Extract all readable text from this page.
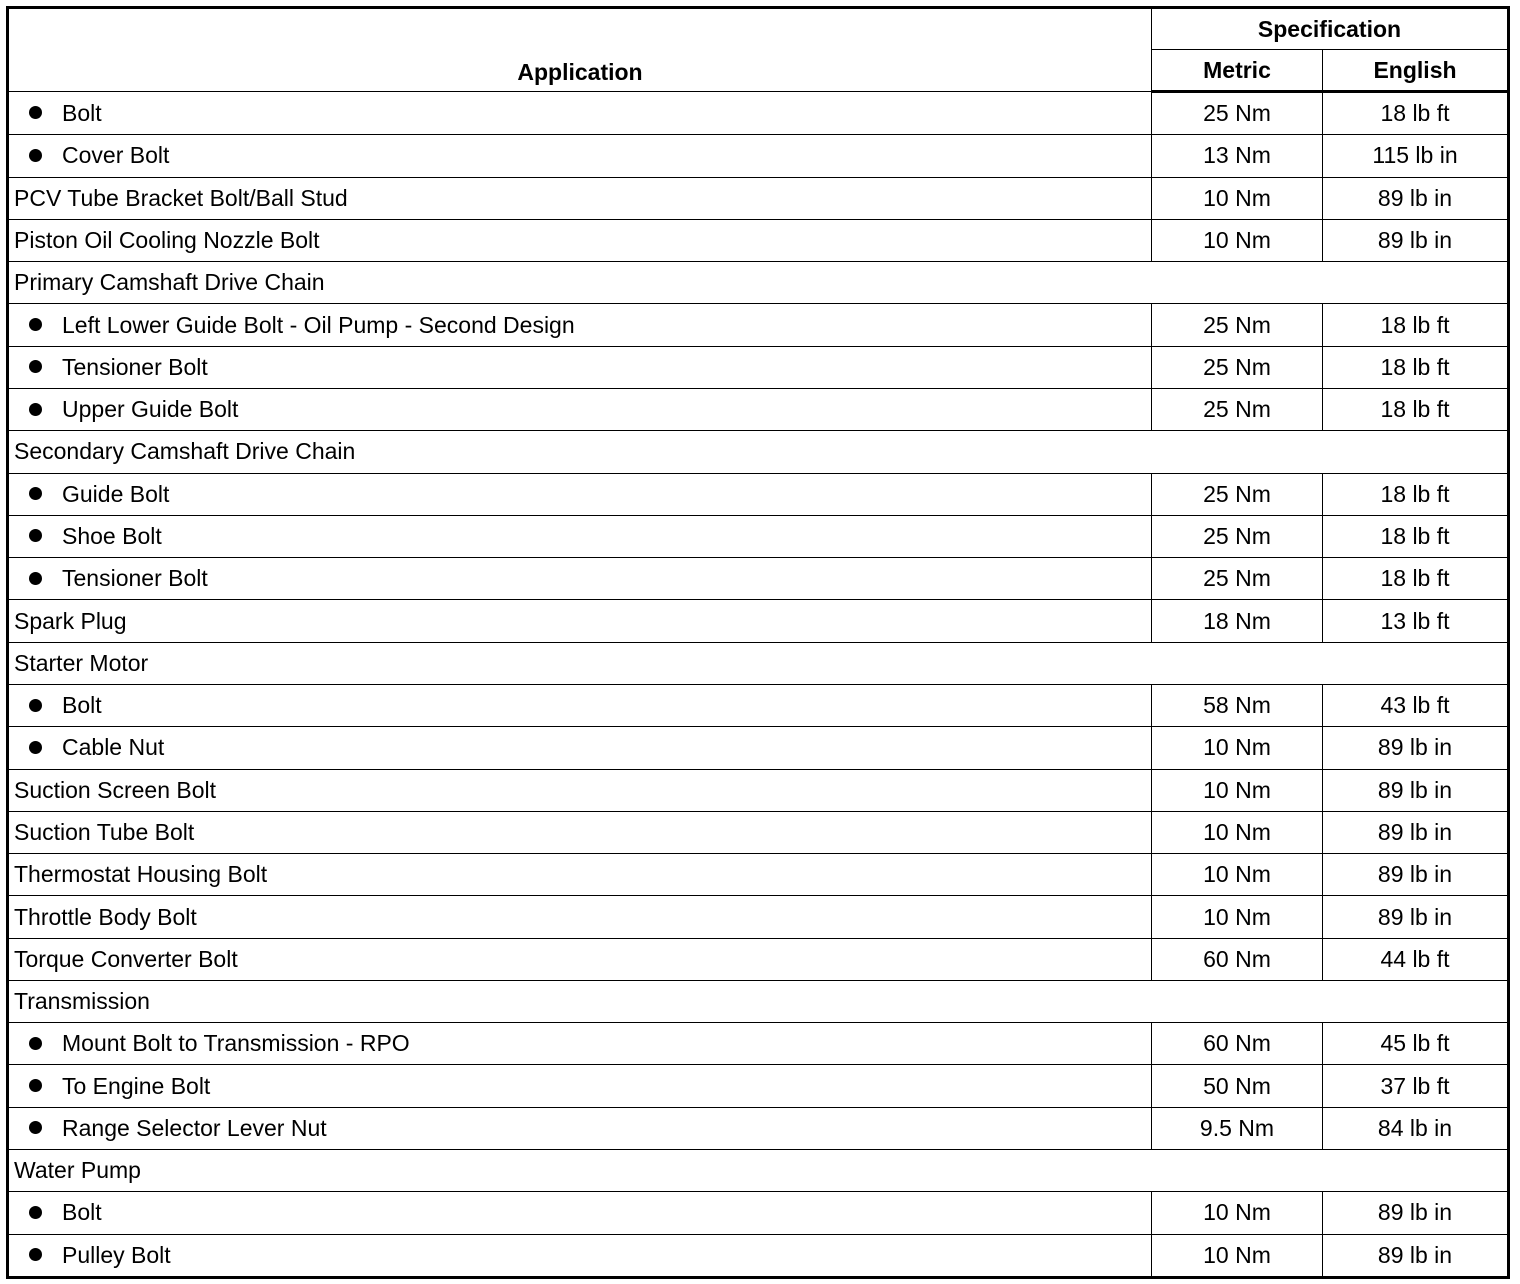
Application	Specification	
	Metric	English
Bolt	25 Nm	18 lb ft
Cover Bolt	13 Nm	115 lb in
PCV Tube Bracket Bolt/Ball Stud	10 Nm	89 lb in
Piston Oil Cooling Nozzle Bolt	10 Nm	89 lb in
Primary Camshaft Drive Chain		
Left Lower Guide Bolt - Oil Pump - Second Design	25 Nm	18 lb ft
Tensioner Bolt	25 Nm	18 lb ft
Upper Guide Bolt	25 Nm	18 lb ft
Secondary Camshaft Drive Chain		
Guide Bolt	25 Nm	18 lb ft
Shoe Bolt	25 Nm	18 lb ft
Tensioner Bolt	25 Nm	18 lb ft
Spark Plug	18 Nm	13 lb ft
Starter Motor		
Bolt	58 Nm	43 lb ft
Cable Nut	10 Nm	89 lb in
Suction Screen Bolt	10 Nm	89 lb in
Suction Tube Bolt	10 Nm	89 lb in
Thermostat Housing Bolt	10 Nm	89 lb in
Throttle Body Bolt	10 Nm	89 lb in
Torque Converter Bolt	60 Nm	44 lb ft
Transmission		
Mount Bolt to Transmission - RPO	60 Nm	45 lb ft
To Engine Bolt	50 Nm	37 lb ft
Range Selector Lever Nut	9.5 Nm	84 lb in
Water Pump		
Bolt	10 Nm	89 lb in
Pulley Bolt	10 Nm	89 lb in
